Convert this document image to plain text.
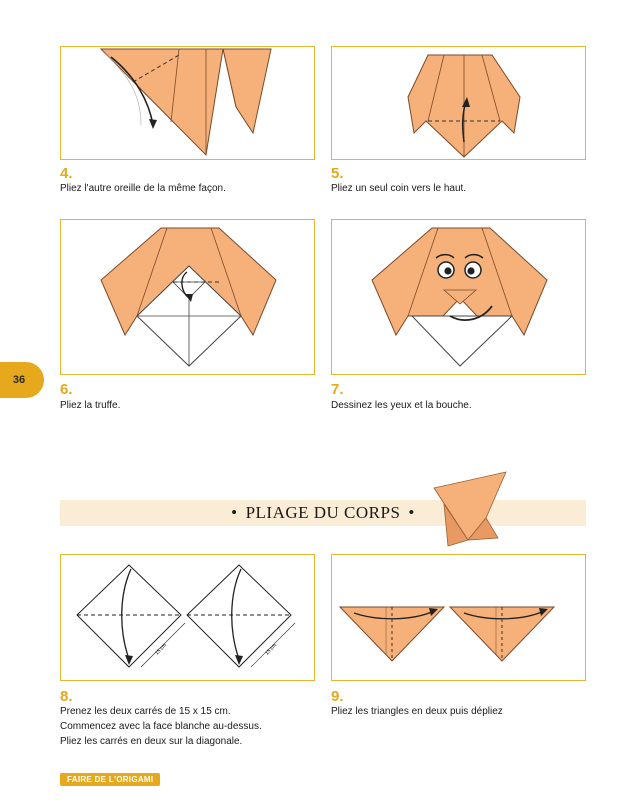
4.
Pliez l'autre oreille de la même façon.
5.
Pliez un seul coin vers le haut.
6.
Pliez la truffe.
7.
Dessinez les yeux et la bouche.
36
• PLIAGE DU CORPS •
15 cm	15 cm
8.
Prenez les deux carrés de 15 x 15 cm.
Commencez avec la face blanche au-dessus.
Pliez les carrés en deux sur la diagonale.
9.
Pliez les triangles en deux puis dépliez
FAIRE DE L'ORIGAMI
